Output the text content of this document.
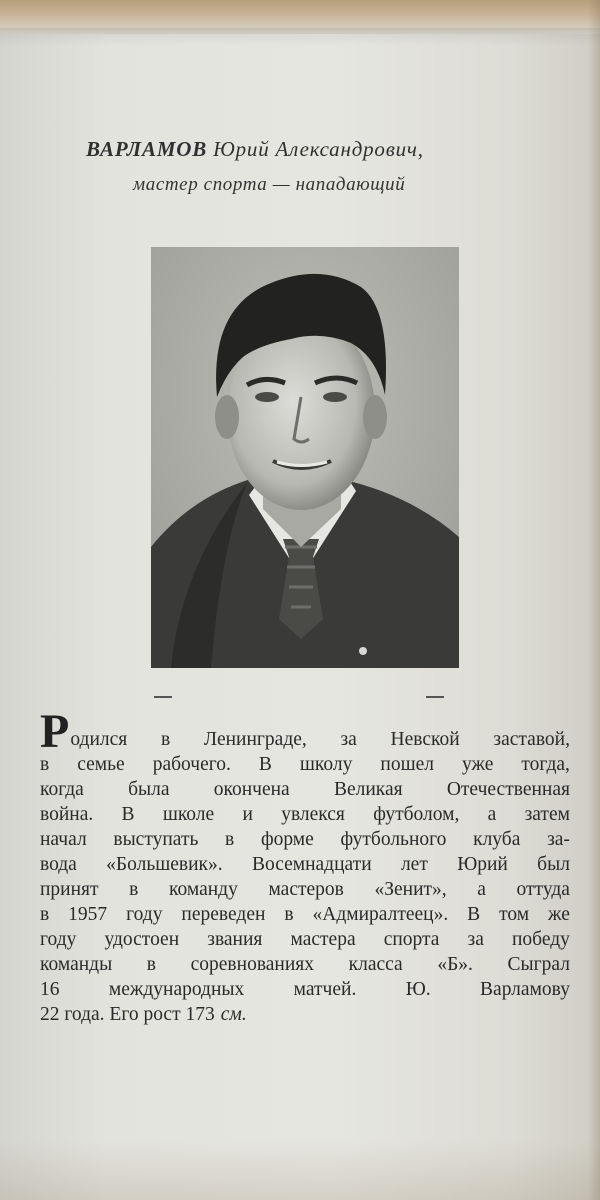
ВАРЛАМОВ Юрий Александрович,
мастер спорта — нападающий
Р одился в Ленинграде, за Невской заставой,
в семье рабочего. В школу пошел уже тогда,
когда была окончена Великая Отечественная
война. В школе и увлекся футболом, а затем
начал выступать в форме футбольного клуба за-
вода «Большевик». Восемнадцати лет Юрий был
принят в команду мастеров «Зенит», а оттуда
в 1957 году переведен в «Адмиралтеец». В том же
году удостоен звания мастера спорта за победу
команды в соревнованиях класса «Б». Сыграл
16	международных	матчей.	Ю.	Варламову
22 года. Его рост 173 см.
